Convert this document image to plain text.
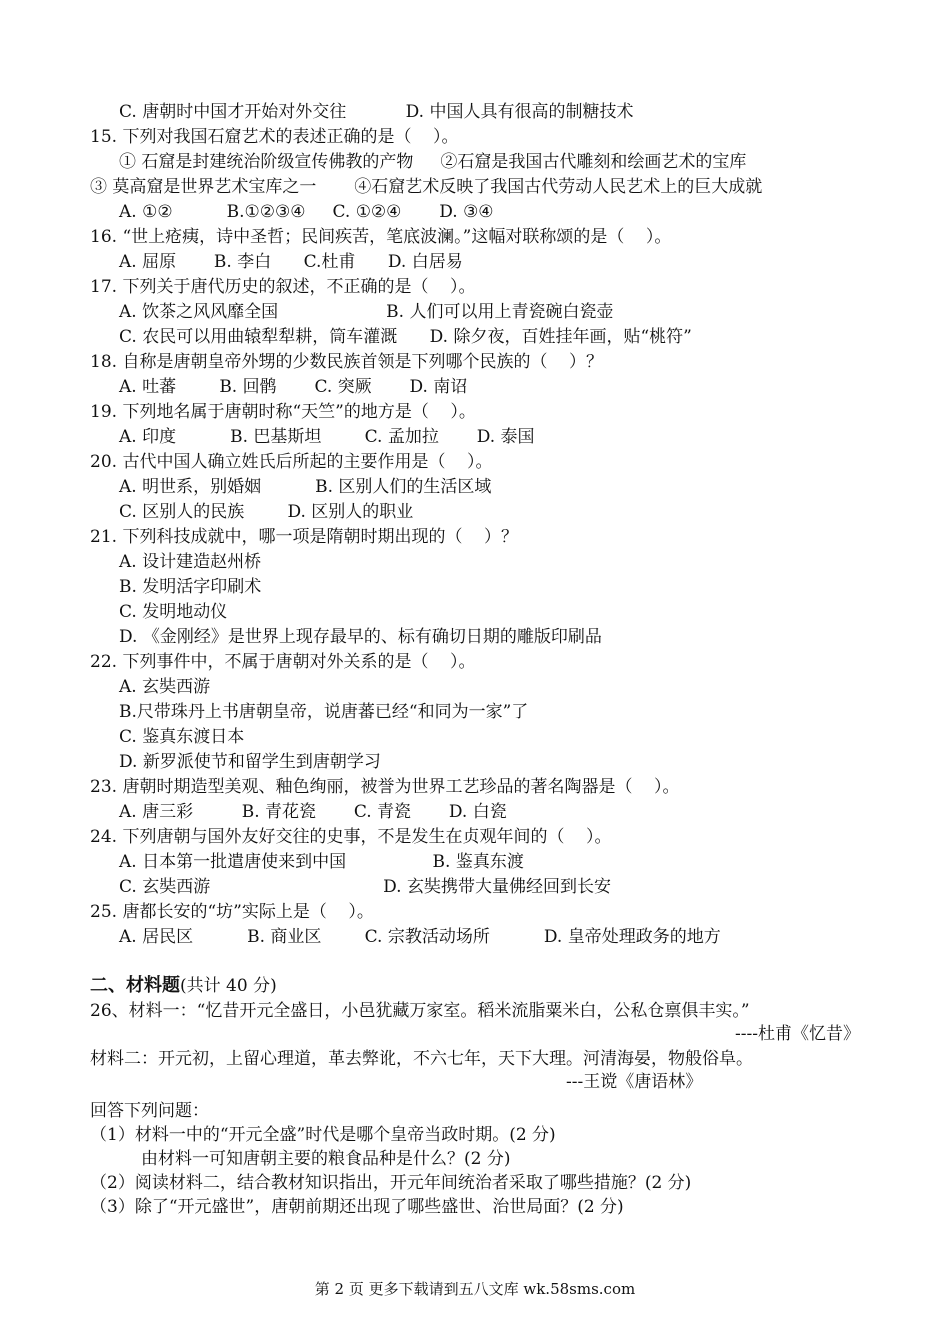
C. 唐朝时中国才开始对外交往           D. 中国人具有很高的制糖技术
15. 下列对我国石窟艺术的表述正确的是（    ）。
① 石窟是封建统治阶级宣传佛教的产物     ②石窟是我国古代雕刻和绘画艺术的宝库
③ 莫高窟是世界艺术宝库之一       ④石窟艺术反映了我国古代劳动人民艺术上的巨大成就
A. ①②          B.①②③④     C. ①②④       D. ③④
16. “世上疮痍，诗中圣哲；民间疾苦，笔底波澜。”这幅对联称颂的是（    ）。
A. 屈原       B. 李白      C.杜甫      D. 白居易
17. 下列关于唐代历史的叙述，不正确的是（    ）。
A. 饮茶之风风靡全国                    B. 人们可以用上青瓷碗白瓷壶
C. 农民可以用曲辕犁犁耕，筒车灌溉      D. 除夕夜，百姓挂年画，贴“桃符”
18. 自称是唐朝皇帝外甥的少数民族首领是下列哪个民族的（    ）？
A. 吐蕃        B. 回鹘       C. 突厥       D. 南诏
19. 下列地名属于唐朝时称“天竺”的地方是（    ）。
A. 印度          B. 巴基斯坦        C. 孟加拉       D. 泰国
20. 古代中国人确立姓氏后所起的主要作用是（    ）。
A. 明世系，别婚姻          B. 区别人们的生活区域
C. 区别人的民族        D. 区别人的职业
21. 下列科技成就中，哪一项是隋朝时期出现的（    ）？
A. 设计建造赵州桥
B. 发明活字印刷术
C. 发明地动仪
D. 《金刚经》是世界上现存最早的、标有确切日期的雕版印刷品
22. 下列事件中，不属于唐朝对外关系的是（    ）。
A. 玄奘西游
B.尺带珠丹上书唐朝皇帝，说唐蕃已经“和同为一家”了
C. 鉴真东渡日本
D. 新罗派使节和留学生到唐朝学习
23. 唐朝时期造型美观、釉色绚丽，被誉为世界工艺珍品的著名陶器是（    ）。
A. 唐三彩         B. 青花瓷       C. 青瓷       D. 白瓷
24. 下列唐朝与国外友好交往的史事，不是发生在贞观年间的（    ）。
A. 日本第一批遣唐使来到中国                B. 鉴真东渡
C. 玄奘西游                                D. 玄奘携带大量佛经回到长安
25. 唐都长安的“坊”实际上是（    ）。
A. 居民区          B. 商业区        C. 宗教活动场所          D. 皇帝处理政务的地方
二、材料题(共计 40 分)
26、材料一：“忆昔开元全盛日，小邑犹藏万家室。稻米流脂粟米白，公私仓禀俱丰实。”
----杜甫《忆昔》
材料二：开元初，上留心理道，革去弊讹，不六七年，天下大理。河清海晏，物般俗阜。
---王谠《唐语林》
回答下列问题：
（1）材料一中的“开元全盛”时代是哪个皇帝当政时期。(2 分)
由材料一可知唐朝主要的粮食品种是什么？(2 分)
（2）阅读材料二，结合教材知识指出，开元年间统治者采取了哪些措施？(2 分)
（3）除了“开元盛世”，唐朝前期还出现了哪些盛世、治世局面？(2 分)
第 2 页 更多下载请到五八文库 wk.58sms.com
